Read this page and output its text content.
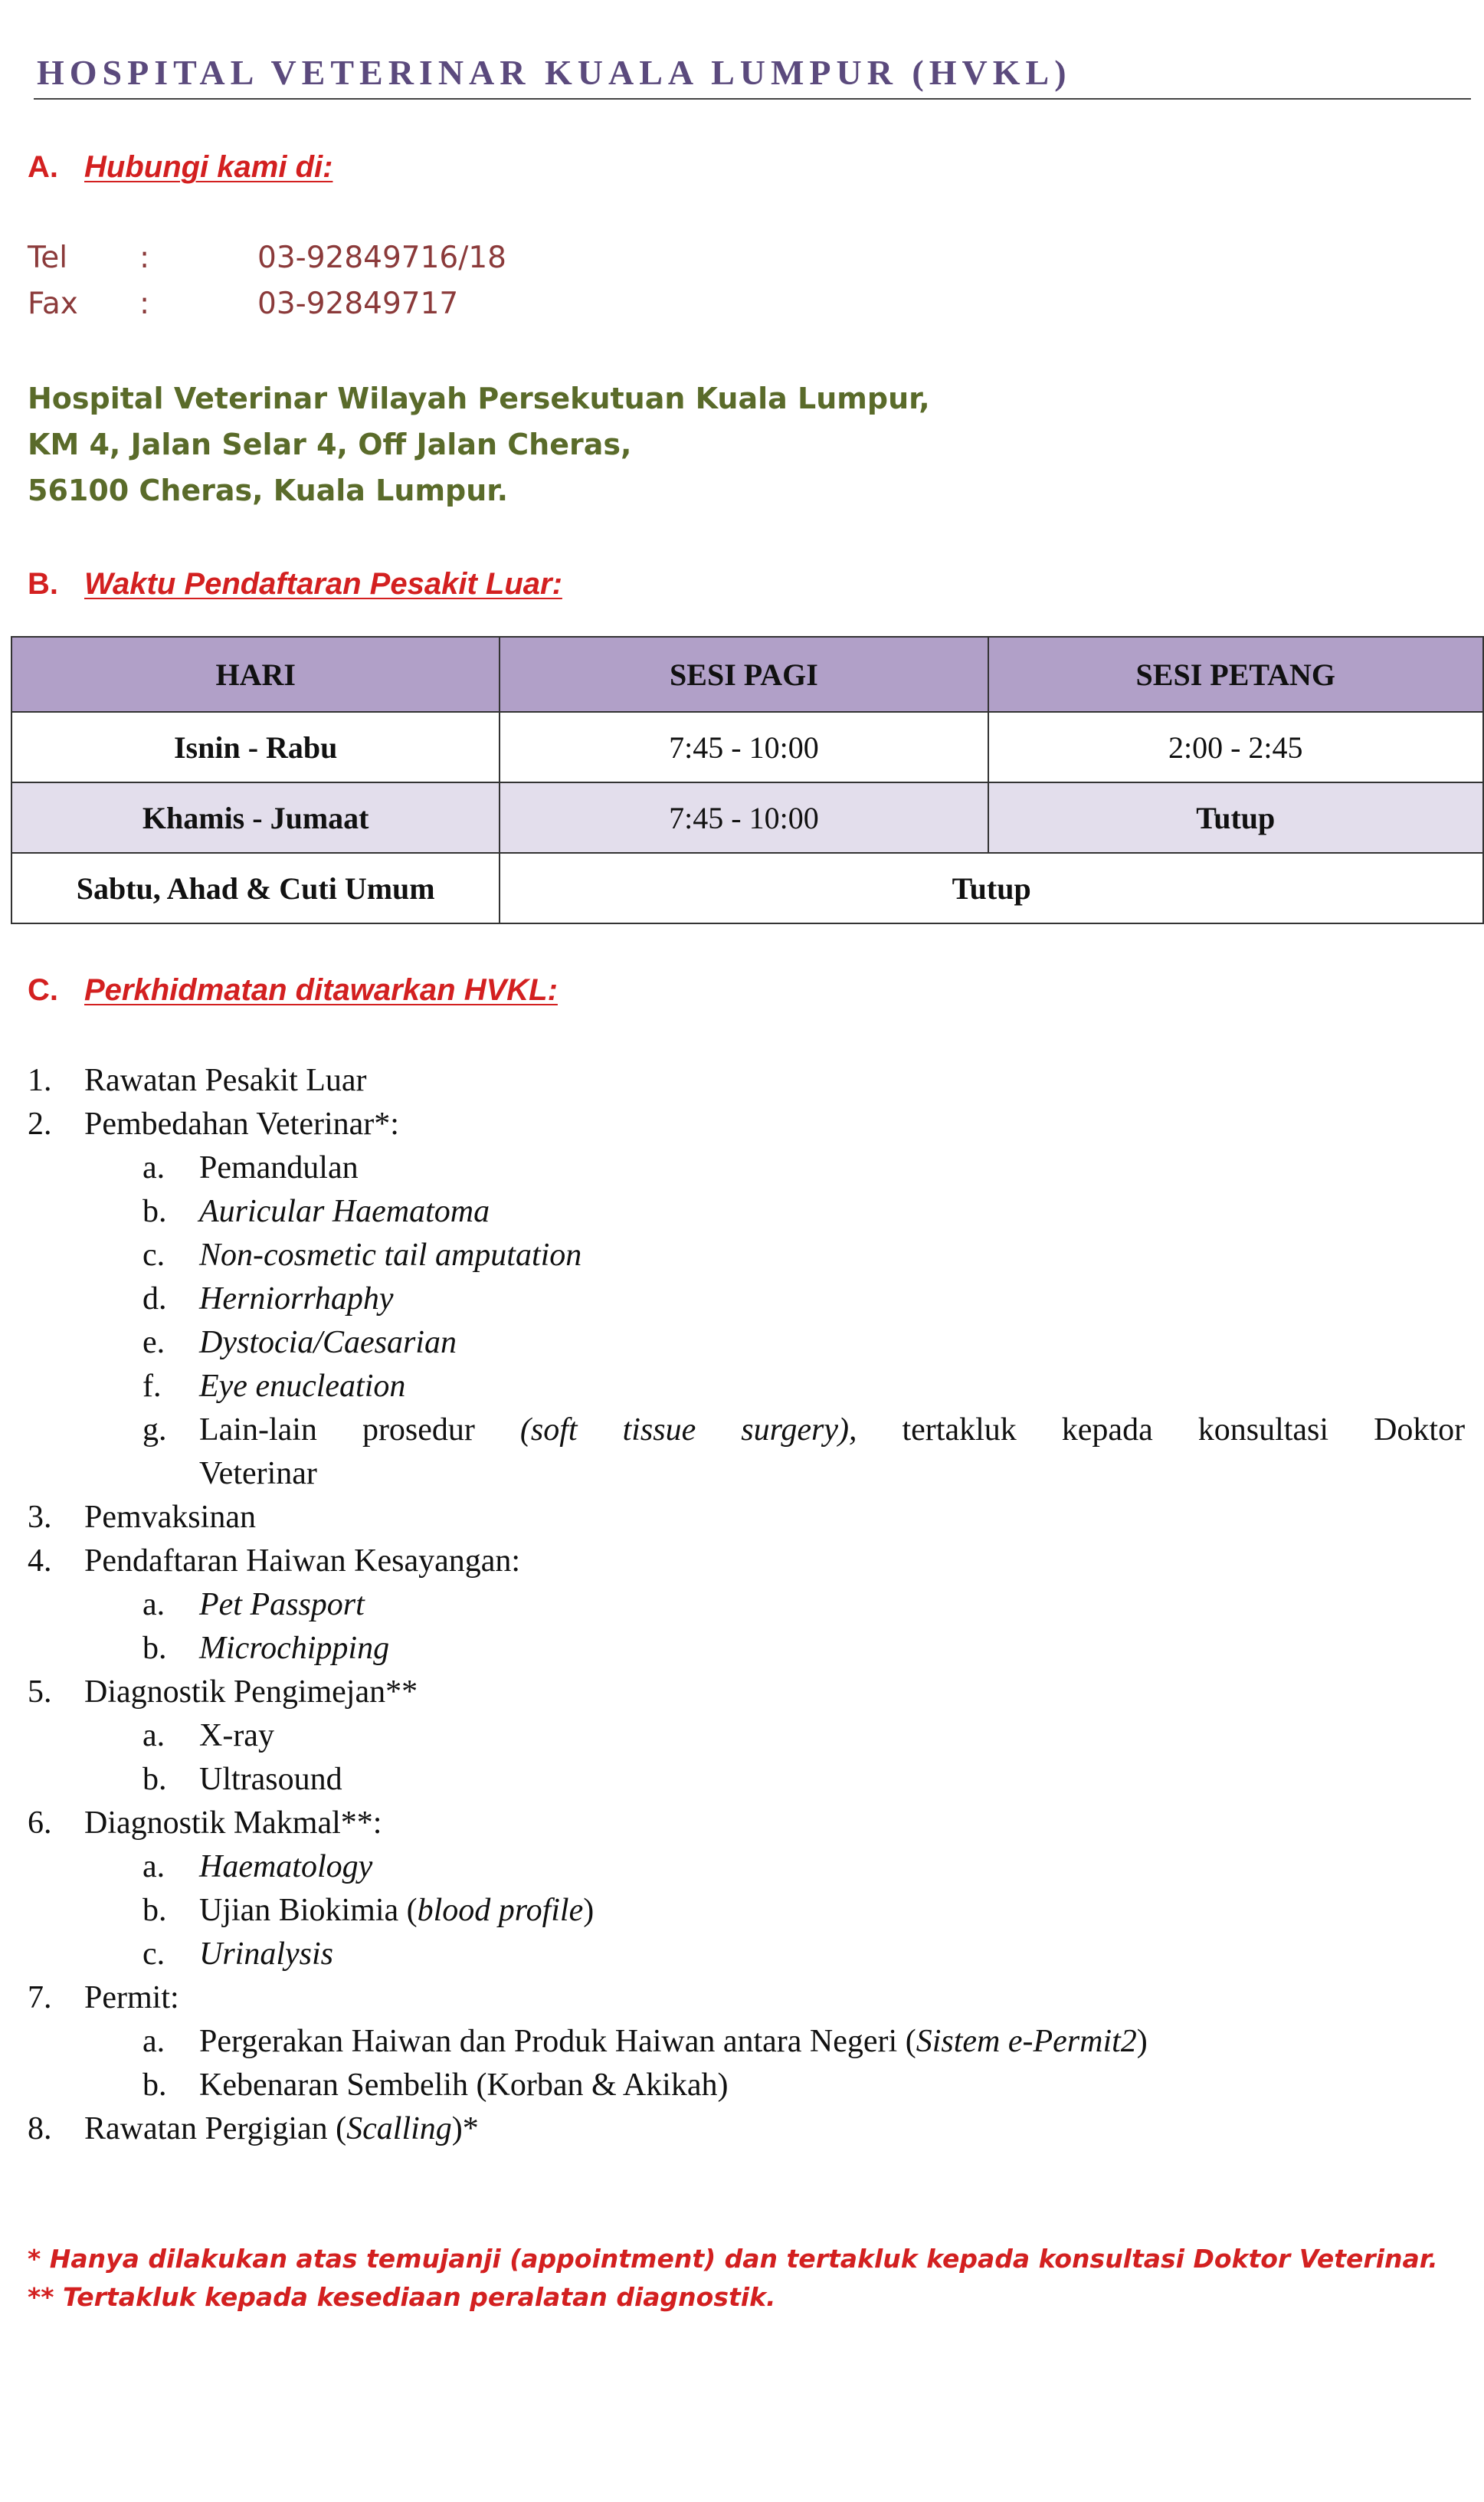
HOSPITAL VETERINAR KUALA LUMPUR (HVKL)
A. Hubungi kami di:
Tel :	03-92849716/18
Fax :	03-92849717
Hospital Veterinar Wilayah Persekutuan Kuala Lumpur,
KM 4, Jalan Selar 4, Off Jalan Cheras,
56100 Cheras, Kuala Lumpur.
B. Waktu Pendaftaran Pesakit Luar:
HARI	SESI PAGI	SESI PETANG
Isnin - Rabu	7:45 - 10:00	2:00 - 2:45
Khamis - Jumaat	7:45 - 10:00	Tutup
Sabtu, Ahad & Cuti Umum	Tutup	
C. Perkhidmatan ditawarkan HVKL:
1. Rawatan Pesakit Luar
2. Pembedahan Veterinar*:
a. Pemandulan
b. Auricular Haematoma
c. Non-cosmetic tail amputation
d. Herniorrhaphy
e. Dystocia/Caesarian
f. Eye enucleation
g. Lain-lain prosedur (soft tissue surgery), tertakluk kepada konsultasi Doktor
Veterinar
3. Pemvaksinan
4. Pendaftaran Haiwan Kesayangan:
a. Pet Passport
b. Microchipping
5. Diagnostik Pengimejan**
a. X-ray
b. Ultrasound
6. Diagnostik Makmal**:
a. Haematology
b. Ujian Biokimia (blood profile)
c. Urinalysis
7. Permit:
a. Pergerakan Haiwan dan Produk Haiwan antara Negeri (Sistem e-Permit2)
b. Kebenaran Sembelih (Korban & Akikah)
8. Rawatan Pergigian (Scalling)*
* Hanya dilakukan atas temujanji (appointment) dan tertakluk kepada konsultasi Doktor Veterinar.
** Tertakluk kepada kesediaan peralatan diagnostik.
